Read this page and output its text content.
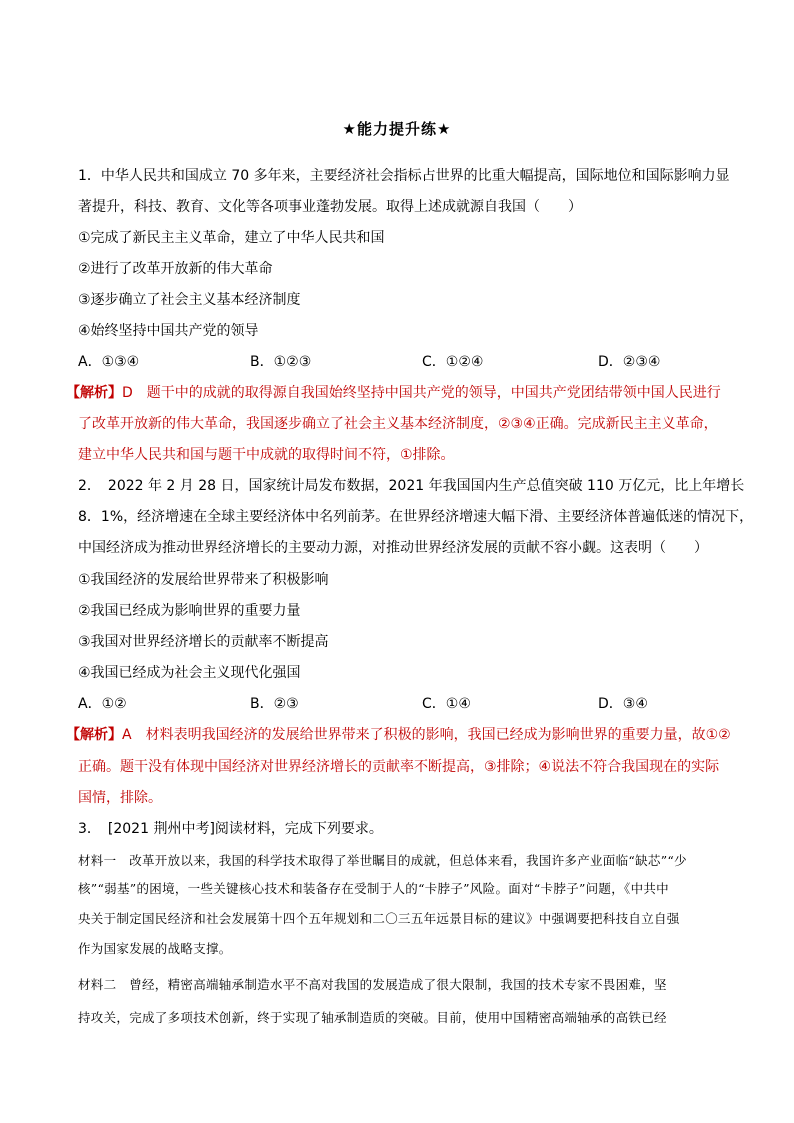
★能力提升练★
1．中华人民共和国成立 70 多年来，主要经济社会指标占世界的比重大幅提高，国际地位和国际影响力显
著提升，科技、教育、文化等各项事业蓬勃发展。取得上述成就源自我国（　　）
①完成了新民主主义革命，建立了中华人民共和国
②进行了改革开放新的伟大革命
③逐步确立了社会主义基本经济制度
④始终坚持中国共产党的领导
A．①③④	B．①②③	C．①②④	D．②③④
【解析】D　题干中的成就的取得源自我国始终坚持中国共产党的领导，中国共产党团结带领中国人民进行
了改革开放新的伟大革命，我国逐步确立了社会主义基本经济制度，②③④正确。完成新民主主义革命，
建立中华人民共和国与题干中成就的取得时间不符，①排除。
2．　2022 年 2 月 28 日，国家统计局发布数据，2021 年我国国内生产总值突破 110 万亿元，比上年增长
8．1%，经济增速在全球主要经济体中名列前茅。在世界经济增速大幅下滑、主要经济体普遍低迷的情况下，
中国经济成为推动世界经济增长的主要动力源，对推动世界经济发展的贡献不容小觑。这表明（　　）
①我国经济的发展给世界带来了积极影响
②我国已经成为影响世界的重要力量
③我国对世界经济增长的贡献率不断提高
④我国已经成为社会主义现代化强国
A．①②	B．②③	C．①④	D．③④
【解析】A　材料表明我国经济的发展给世界带来了积极的影响，我国已经成为影响世界的重要力量，故①②
正确。题干没有体现中国经济对世界经济增长的贡献率不断提高，③排除；④说法不符合我国现在的实际
国情，排除。
3．　[2021 荆州中考]阅读材料，完成下列要求。
材料一　改革开放以来，我国的科学技术取得了举世瞩目的成就，但总体来看，我国许多产业面临“缺芯”“少
核”“弱基”的困境，一些关键核心技术和装备存在受制于人的“卡脖子”风险。面对“卡脖子”问题，《中共中
央关于制定国民经济和社会发展第十四个五年规划和二〇三五年远景目标的建议》中强调要把科技自立自强
作为国家发展的战略支撑。
材料二　曾经，精密高端轴承制造水平不高对我国的发展造成了很大限制，我国的技术专家不畏困难，坚
持攻关，完成了多项技术创新，终于实现了轴承制造质的突破。目前，使用中国精密高端轴承的高铁已经
